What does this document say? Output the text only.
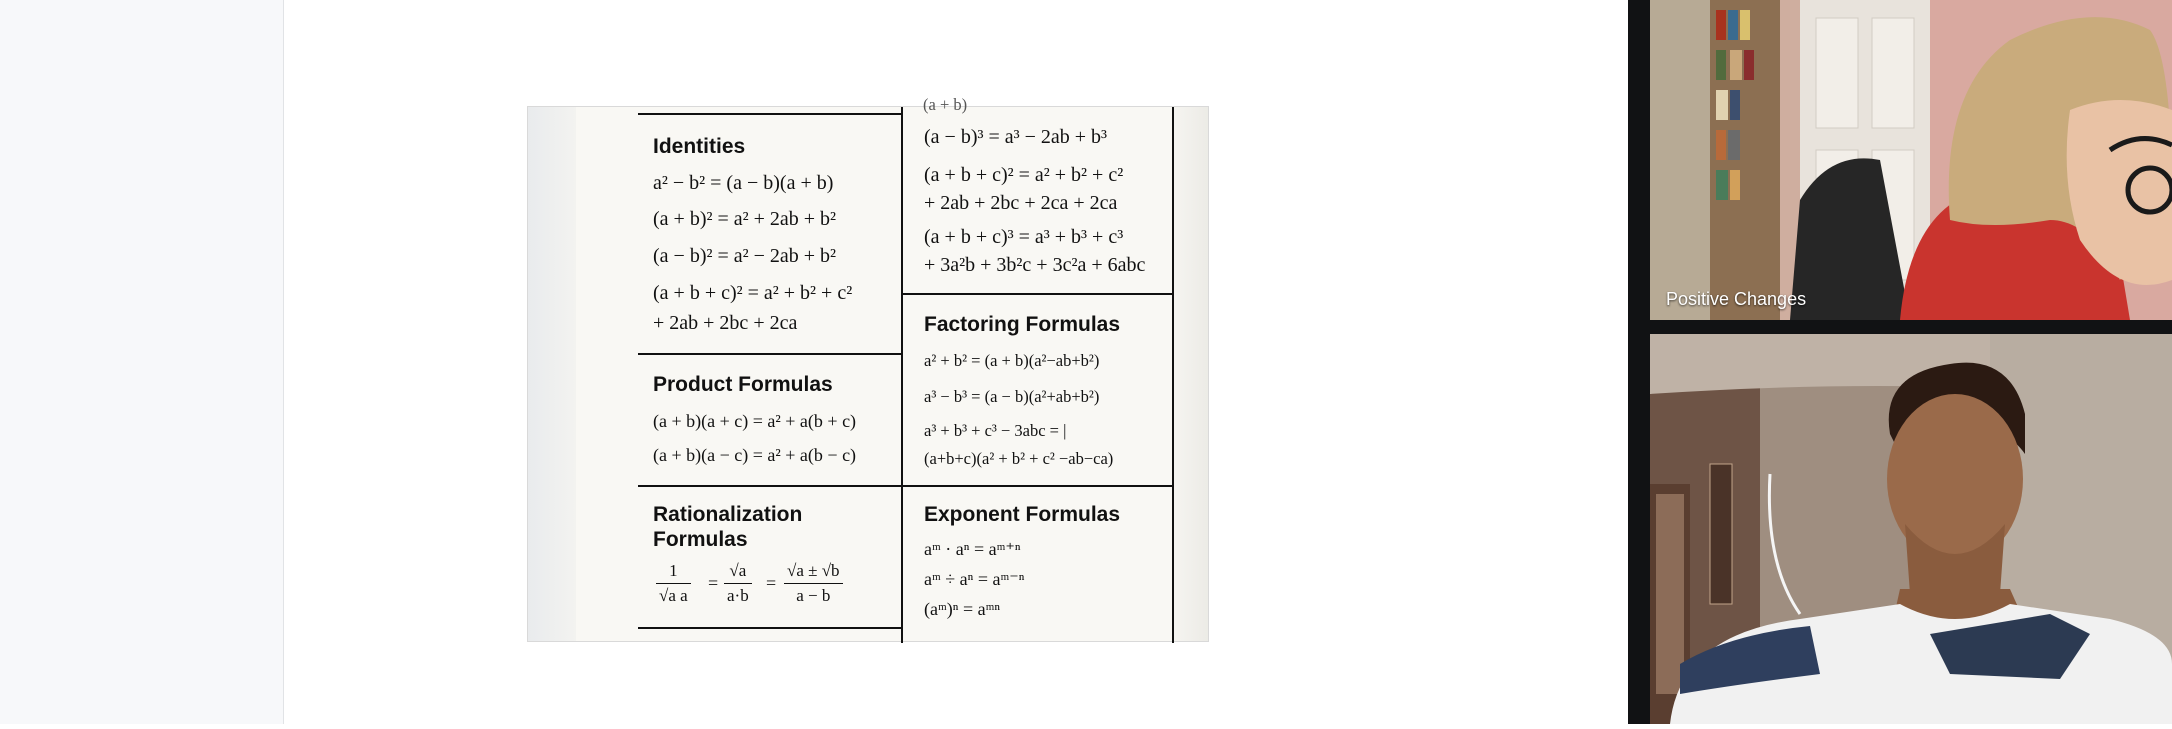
(a + b)
Identities
a² − b² = (a − b)(a + b)
(a + b)² = a² + 2ab + b²
(a − b)² = a² − 2ab + b²
(a + b + c)² = a² + b² + c²
+ 2ab + 2bc + 2ca
(a − b)³ = a³ − 2ab + b³
(a + b + c)² = a² + b² + c²
+ 2ab + 2bc + 2ca + 2ca
(a + b + c)³ = a³ + b³ + c³
+ 3a²b + 3b²c + 3c²a + 6abc
Product Formulas
(a + b)(a + c) = a² + a(b + c)
(a + b)(a − c) = a² + a(b − c)
Factoring Formulas
a² + b² = (a + b)(a²−ab+b²)
a³ − b³ = (a − b)(a²+ab+b²)
a³ + b³ + c³ − 3abc = |
(a+b+c)(a² + b² + c² −ab−ca)
Rationalization
Formulas
$\frac{1}{\text{√a a}} = \frac{√a}{a\cdot b} = \frac{√a \pm √b}{a - b}$
Exponent Formulas
aᵐ · aⁿ = aᵐ⁺ⁿ
aᵐ ÷ aⁿ = aᵐ⁻ⁿ
(aᵐ)ⁿ = aᵐⁿ
Positive Changes
